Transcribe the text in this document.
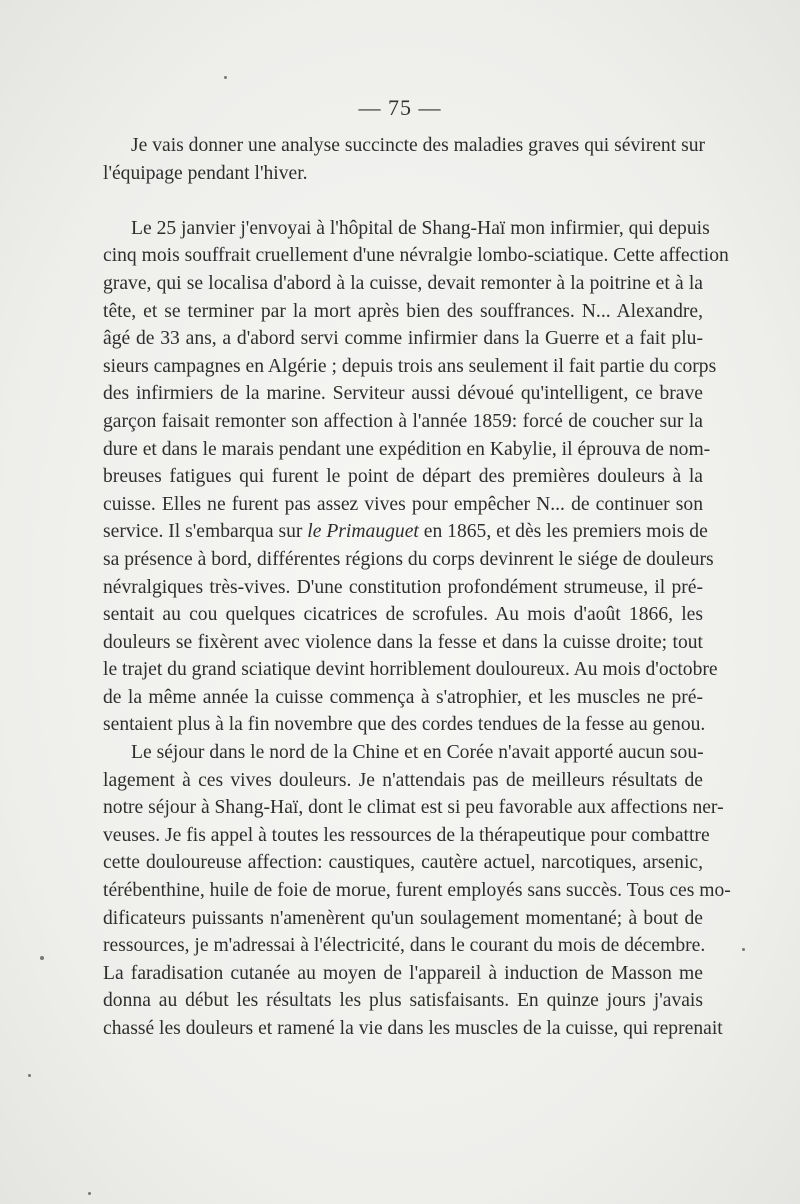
— 75 —
Je vais donner une analyse succincte des maladies graves qui sévirent sur
l'équipage pendant l'hiver.
Le 25 janvier j'envoyai à l'hôpital de Shang-Haï mon infirmier, qui depuis
cinq mois souffrait cruellement d'une névralgie lombo-sciatique. Cette affection
grave, qui se localisa d'abord à la cuisse, devait remonter à la poitrine et à la
tête, et se terminer par la mort après bien des souffrances. N... Alexandre,
âgé de 33 ans, a d'abord servi comme infirmier dans la Guerre et a fait plu-
sieurs campagnes en Algérie ; depuis trois ans seulement il fait partie du corps
des infirmiers de la marine. Serviteur aussi dévoué qu'intelligent, ce brave
garçon faisait remonter son affection à l'année 1859: forcé de coucher sur la
dure et dans le marais pendant une expédition en Kabylie, il éprouva de nom-
breuses fatigues qui furent le point de départ des premières douleurs à la
cuisse. Elles ne furent pas assez vives pour empêcher N... de continuer son
service. Il s'embarqua sur le Primauguet en 1865, et dès les premiers mois de
sa présence à bord, différentes régions du corps devinrent le siége de douleurs
névralgiques très-vives. D'une constitution profondément strumeuse, il pré-
sentait au cou quelques cicatrices de scrofules. Au mois d'août 1866, les
douleurs se fixèrent avec violence dans la fesse et dans la cuisse droite; tout
le trajet du grand sciatique devint horriblement douloureux. Au mois d'octobre
de la même année la cuisse commença à s'atrophier, et les muscles ne pré-
sentaient plus à la fin novembre que des cordes tendues de la fesse au genou.
Le séjour dans le nord de la Chine et en Corée n'avait apporté aucun sou-
lagement à ces vives douleurs. Je n'attendais pas de meilleurs résultats de
notre séjour à Shang-Haï, dont le climat est si peu favorable aux affections ner-
veuses. Je fis appel à toutes les ressources de la thérapeutique pour combattre
cette douloureuse affection: caustiques, cautère actuel, narcotiques, arsenic,
térébenthine, huile de foie de morue, furent employés sans succès. Tous ces mo-
dificateurs puissants n'amenèrent qu'un soulagement momentané; à bout de
ressources, je m'adressai à l'électricité, dans le courant du mois de décembre.
La faradisation cutanée au moyen de l'appareil à induction de Masson me
donna au début les résultats les plus satisfaisants. En quinze jours j'avais
chassé les douleurs et ramené la vie dans les muscles de la cuisse, qui reprenait
